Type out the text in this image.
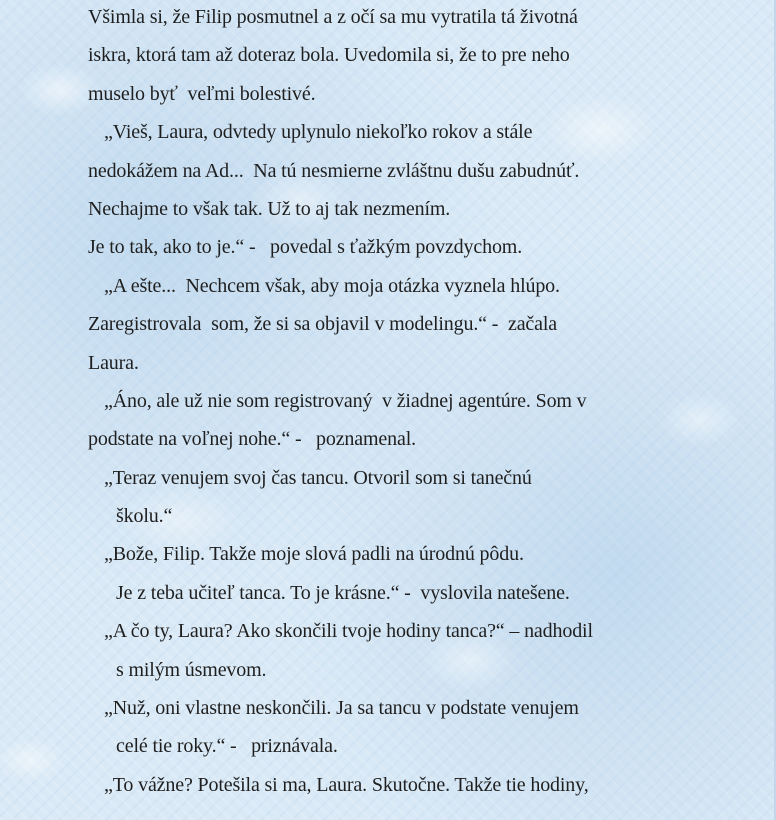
Všimla si, že Filip posmutnel a z očí sa mu vytratila tá životná
iskra, ktorá tam až doteraz bola. Uvedomila si, že to pre neho
muselo byť  veľmi bolestivé.
„Vieš, Laura, odvtedy uplynulo niekoľko rokov a stále
nedokážem na Ad...  Na tú nesmierne zvláštnu dušu zabudnúť.
Nechajme to však tak. Už to aj tak nezmením.
Je to tak, ako to je.“ -   povedal s ťažkým povzdychom.
„A ešte...  Nechcem však, aby moja otázka vyznela hlúpo.
Zaregistrovala  som, že si sa objavil v modelingu.“ -  začala
Laura.
„Áno, ale už nie som registrovaný  v žiadnej agentúre. Som v
podstate na voľnej nohe.“ -   poznamenal.
„Teraz venujem svoj čas tancu. Otvoril som si tanečnú
školu.“
„Bože, Filip. Takže moje slová padli na úrodnú pôdu.
Je z teba učiteľ tanca. To je krásne.“ -  vyslovila natešene.
„A čo ty, Laura? Ako skončili tvoje hodiny tanca?“ – nadhodil
s milým úsmevom.
„Nuž, oni vlastne neskončili. Ja sa tancu v podstate venujem
celé tie roky.“ -   priznávala.
„To vážne? Potešila si ma, Laura. Skutočne. Takže tie hodiny,
